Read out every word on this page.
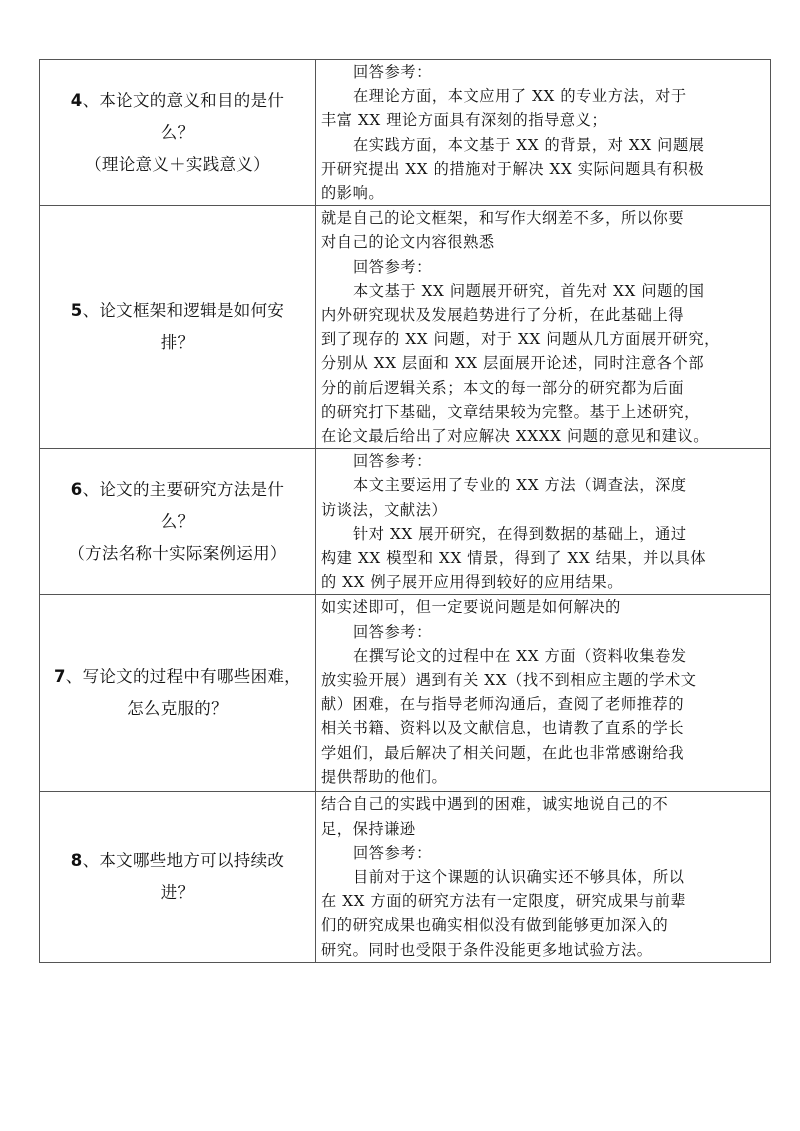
4、本论文的意义和目的是什
么？
（理论意义＋实践意义）

回答参考：
在理论方面，本文应用了 XX 的专业方法，对于
丰富 XX 理论方面具有深刻的指导意义；
在实践方面，本文基于 XX 的背景，对 XX 问题展
开研究提出 XX 的措施对于解决 XX 实际问题具有积极
的影响。

5、论文框架和逻辑是如何安
排？

就是自己的论文框架，和写作大纲差不多，所以你要
对自己的论文内容很熟悉
回答参考：
本文基于 XX 问题展开研究，首先对 XX 问题的国
内外研究现状及发展趋势进行了分析，在此基础上得
到了现存的 XX 问题，对于 XX 问题从几方面展开研究，
分别从 XX 层面和 XX 层面展开论述，同时注意各个部
分的前后逻辑关系；本文的每一部分的研究都为后面
的研究打下基础，文章结果较为完整。基于上述研究，
在论文最后给出了对应解决 XXXX 问题的意见和建议。

6、论文的主要研究方法是什
么？
（方法名称十实际案例运用）

回答参考：
本文主要运用了专业的 XX 方法（调查法，深度
访谈法，文献法）
针对 XX 展开研究，在得到数据的基础上，通过
构建 XX 模型和 XX 情景，得到了 XX 结果，并以具体
的 XX 例子展开应用得到较好的应用结果。

7、写论文的过程中有哪些困难，
怎么克服的？

如实述即可，但一定要说问题是如何解决的
回答参考：
在撰写论文的过程中在 XX 方面（资料收集卷发
放实验开展）遇到有关 XX（找不到相应主题的学术文
献）困难，在与指导老师沟通后，查阅了老师推荐的
相关书籍、资料以及文献信息，也请教了直系的学长
学姐们，最后解决了相关问题，在此也非常感谢给我
提供帮助的他们。

8、本文哪些地方可以持续改
进？

结合自己的实践中遇到的困难，诚实地说自己的不
足，保持谦逊
回答参考：
目前对于这个课题的认识确实还不够具体，所以
在 XX 方面的研究方法有一定限度，研究成果与前辈
们的研究成果也确实相似没有做到能够更加深入的
研究。同时也受限于条件没能更多地试验方法。
